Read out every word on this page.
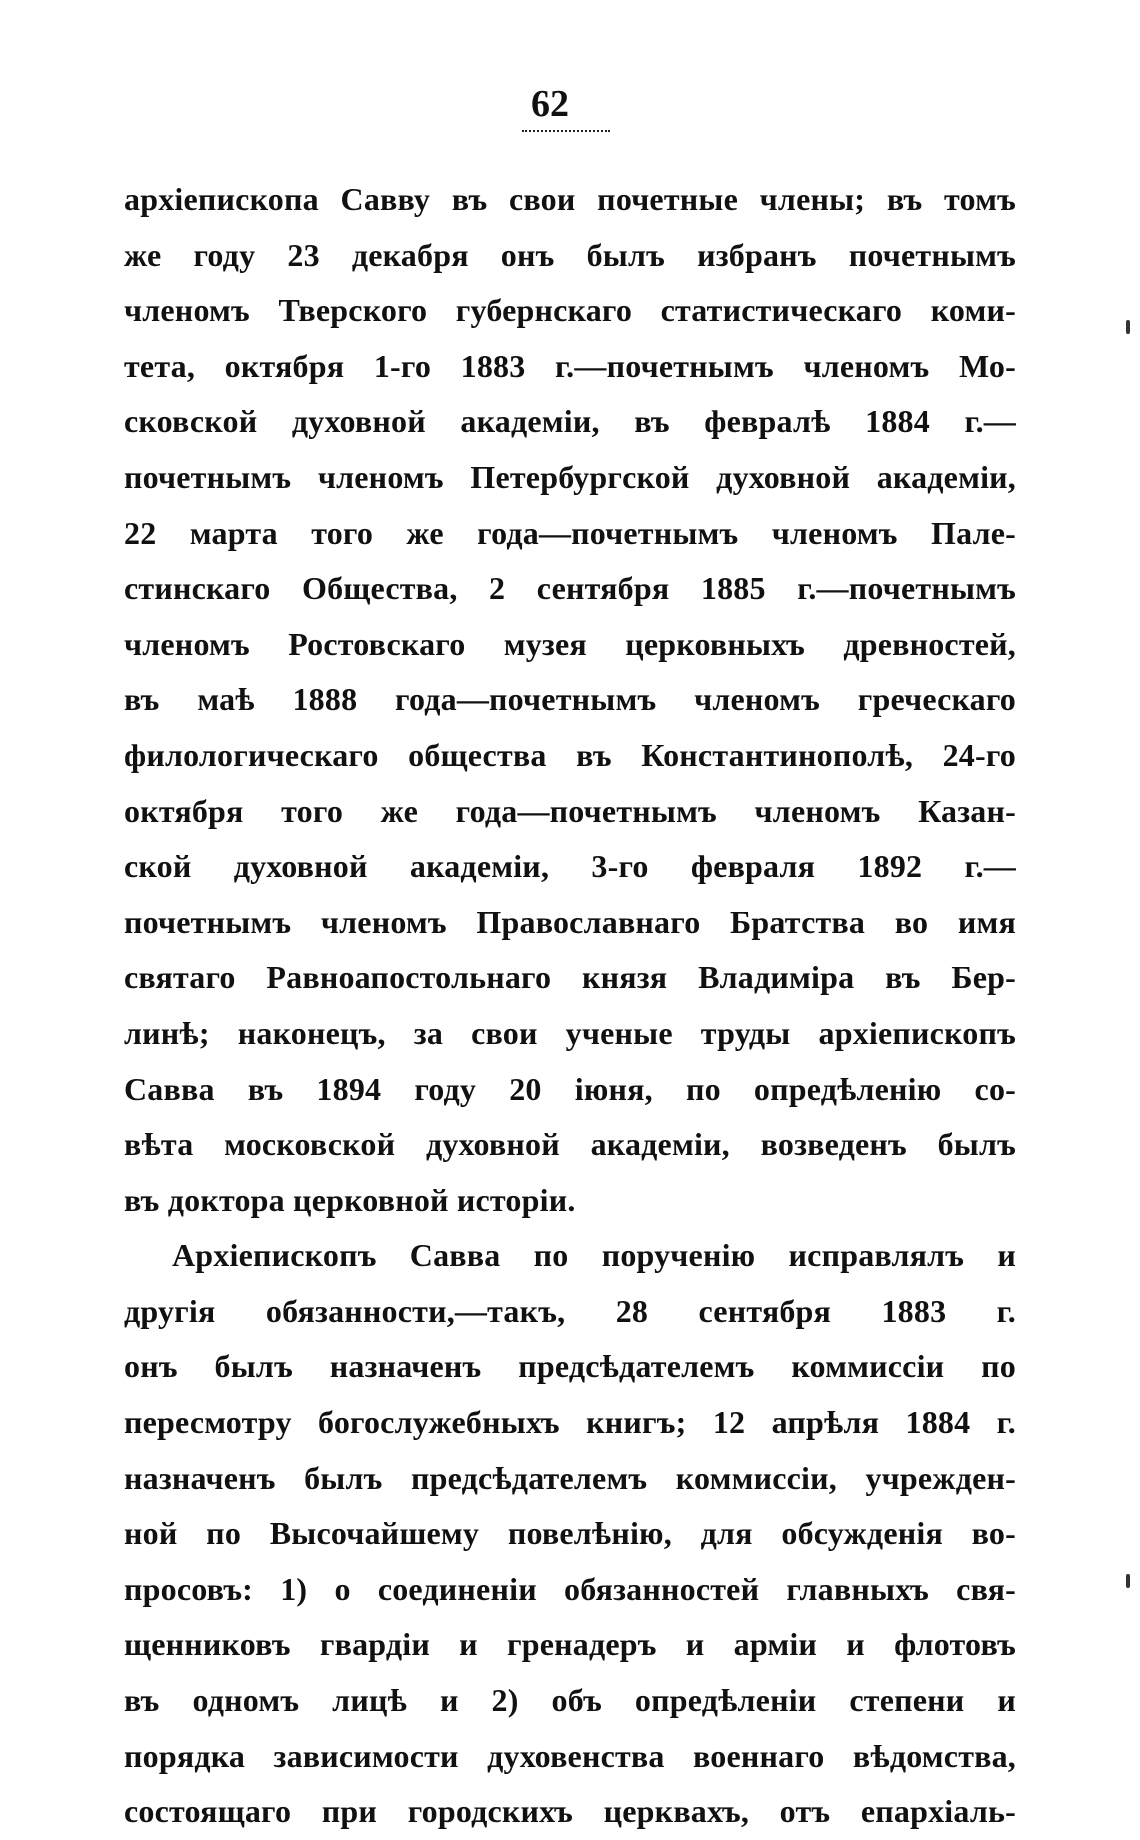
62
архіепископа Савву въ свои почетные члены; въ томъ
же году 23 декабря онъ былъ избранъ почетнымъ
членомъ Тверского губернскаго статистическаго коми-
тета, октября 1-го 1883 г.—почетнымъ членомъ Мо-
сковской духовной академіи, въ февралѣ 1884 г.—
почетнымъ членомъ Петербургской духовной академіи,
22 марта того же года—почетнымъ членомъ Пале-
стинскаго Общества, 2 сентября 1885 г.—почетнымъ
членомъ Ростовскаго музея церковныхъ древностей,
въ маѣ 1888 года—почетнымъ членомъ греческаго
филологическаго общества въ Константинополѣ, 24-го
октября того же года—почетнымъ членомъ Казан-
ской духовной академіи, 3-го февраля 1892 г.—
почетнымъ членомъ Православнаго Братства во имя
святаго Равноапостольнаго князя Владиміра въ Бер-
линѣ; наконецъ, за свои ученые труды архіепископъ
Савва въ 1894 году 20 іюня, по опредѣленію со-
вѣта московской духовной академіи, возведенъ былъ
въ доктора церковной исторіи.
Архіепископъ Савва по порученію исправлялъ и
другія обязанности,—такъ, 28 сентября 1883 г.
онъ былъ назначенъ предсѣдателемъ коммиссіи по
пересмотру богослужебныхъ книгъ; 12 апрѣля 1884 г.
назначенъ былъ предсѣдателемъ коммиссіи, учрежден-
ной по Высочайшему повелѣнію, для обсужденія во-
просовъ: 1) о соединеніи обязанностей главныхъ свя-
щенниковъ гвардіи и гренадеръ и арміи и флотовъ
въ одномъ лицѣ и 2) объ опредѣленіи степени и
порядка зависимости духовенства военнаго вѣдомства,
состоящаго при городскихъ церквахъ, отъ епархіаль-
